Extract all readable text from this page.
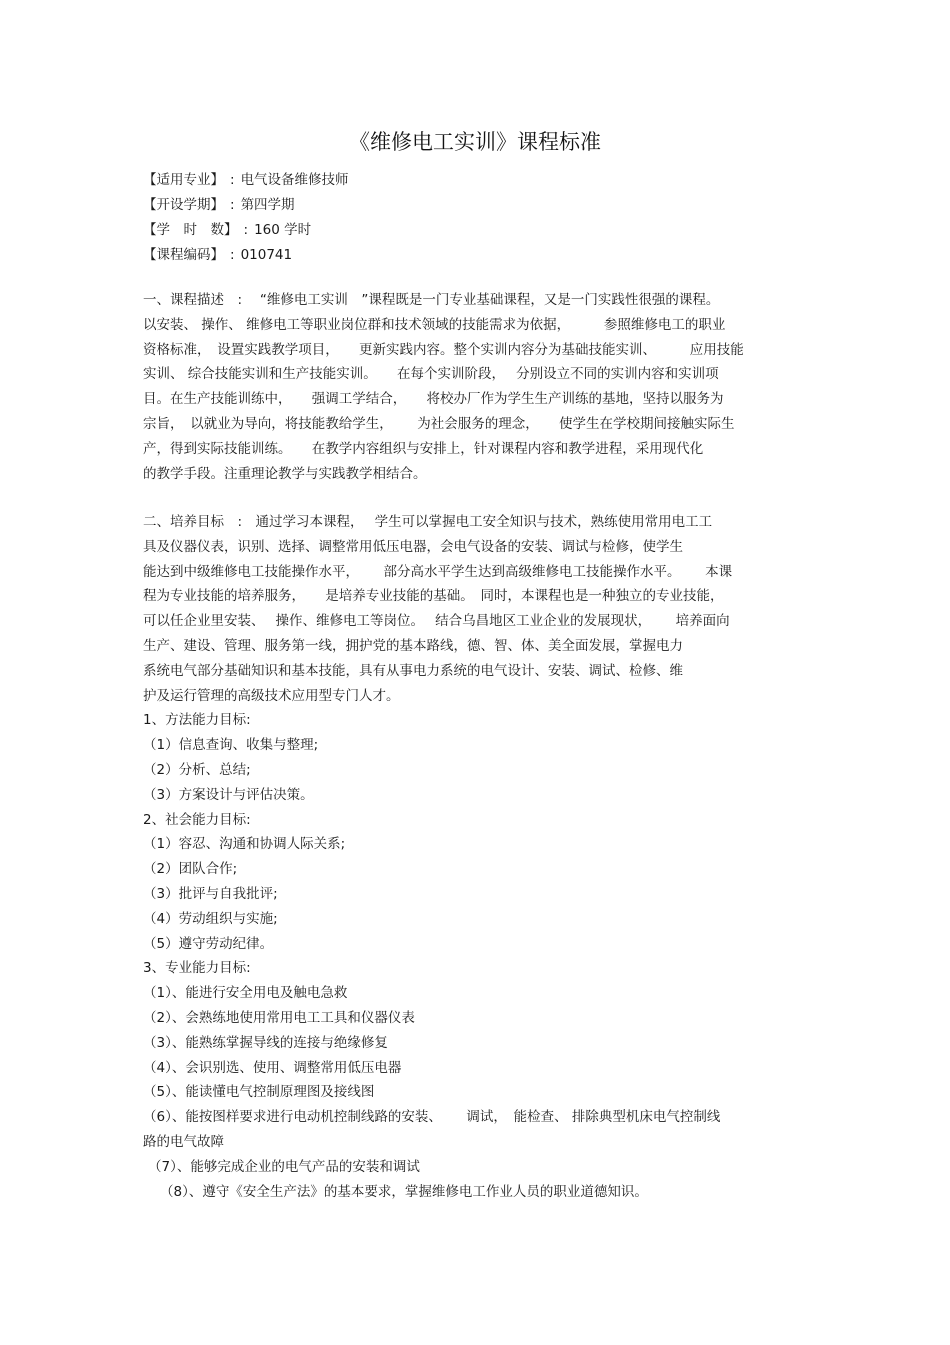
《维修电工实训》课程标准
【适用专业】 : 电气设备维修技师
【开设学期】 : 第四学期
【学　时　数】 : 160 学时
【课程编码】 : 010741
一、课程描述　:　 “维修电工实训　”课程既是一门专业基础课程，又是一门实践性很强的课程。
以安装、 操作、 维修电工等职业岗位群和技术领域的技能需求为依据，　　　参照维修电工的职业
资格标准，　设置实践教学项目，　　更新实践内容。整个实训内容分为基础技能实训、　　　应用技能
实训、 综合技能实训和生产技能实训。　　在每个实训阶段，　 分别设立不同的实训内容和实训项
目。在生产技能训练中，　　强调工学结合，　　将校办厂作为学生生产训练的基地，坚持以服务为
宗旨，　以就业为导向，将技能教给学生，　　 为社会服务的理念，　　使学生在学校期间接触实际生
产，得到实际技能训练。　　在教学内容组织与安排上，针对课程内容和教学进程，采用现代化
的教学手段。注重理论教学与实践教学相结合。
二、培养目标　:　通过学习本课程，　 学生可以掌握电工安全知识与技术，熟练使用常用电工工
具及仪器仪表，识别、选择、调整常用低压电器，会电气设备的安装、调试与检修，使学生
能达到中级维修电工技能操作水平，　　 部分高水平学生达到高级维修电工技能操作水平。　　 本课
程为专业技能的培养服务，　　是培养专业技能的基础。　同时，本课程也是一种独立的专业技能，
可以任企业里安装、　 操作、维修电工等岗位。　 结合乌昌地区工业企业的发展现状，　　 培养面向
生产、建设、管理、服务第一线，拥护党的基本路线，德、智、体、美全面发展，掌握电力
系统电气部分基础知识和基本技能，具有从事电力系统的电气设计、安装、调试、检修、维
护及运行管理的高级技术应用型专门人才。
1、方法能力目标:
（1）信息查询、收集与整理;
（2）分析、总结;
（3）方案设计与评估决策。
2、社会能力目标:
（1）容忍、沟通和协调人际关系;
（2）团队合作;
（3）批评与自我批评;
（4）劳动组织与实施;
（5）遵守劳动纪律。
3、专业能力目标:
（1）、能进行安全用电及触电急救
（2）、会熟练地使用常用电工工具和仪器仪表
（3）、能熟练掌握导线的连接与绝缘修复
（4）、会识别选、使用、调整常用低压电器
（5）、能读懂电气控制原理图及接线图
（6）、能按图样要求进行电动机控制线路的安装、　　 调试，　能检查、 排除典型机床电气控制线
路的电气故障
（7）、能够完成企业的电气产品的安装和调试
（8）、遵守《安全生产法》的基本要求，掌握维修电工作业人员的职业道德知识。
